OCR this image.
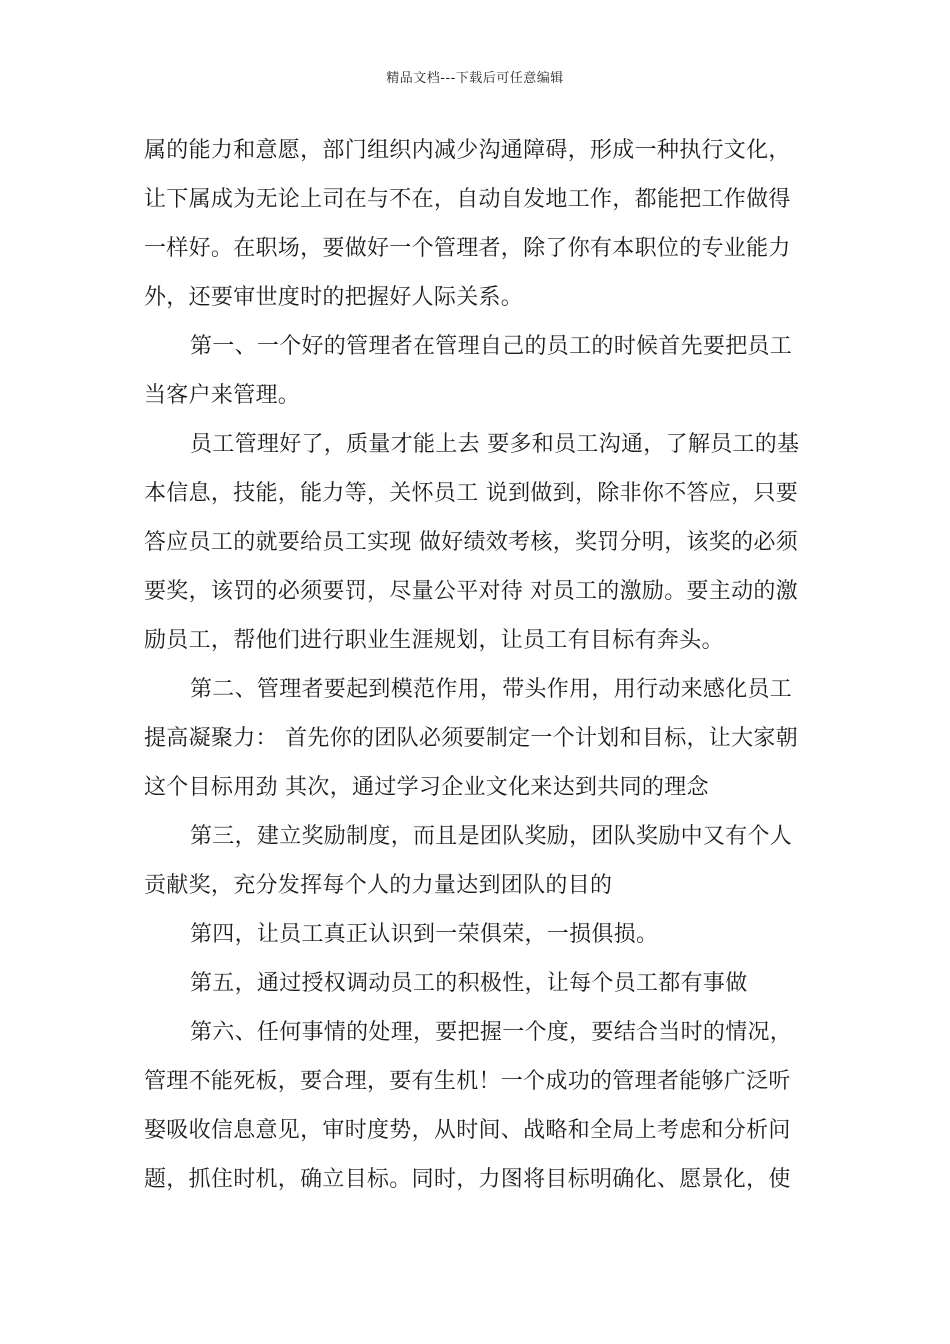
精品文档---下载后可任意编辑
属的能力和意愿，部门组织内减少沟通障碍，形成一种执行文化，
让下属成为无论上司在与不在，自动自发地工作，都能把工作做得
一样好。在职场，要做好一个管理者，除了你有本职位的专业能力
外，还要审世度时的把握好人际关系。
第一、一个好的管理者在管理自己的员工的时候首先要把员工
当客户来管理。
员工管理好了，质量才能上去 要多和员工沟通，了解员工的基
本信息，技能，能力等，关怀员工 说到做到，除非你不答应，只要
答应员工的就要给员工实现 做好绩效考核，奖罚分明，该奖的必须
要奖，该罚的必须要罚，尽量公平对待 对员工的激励。要主动的激
励员工，帮他们进行职业生涯规划，让员工有目标有奔头。
第二、管理者要起到模范作用，带头作用，用行动来感化员工
提高凝聚力： 首先你的团队必须要制定一个计划和目标，让大家朝
这个目标用劲 其次，通过学习企业文化来达到共同的理念
第三，建立奖励制度，而且是团队奖励，团队奖励中又有个人
贡献奖，充分发挥每个人的力量达到团队的目的
第四，让员工真正认识到一荣俱荣，一损俱损。
第五，通过授权调动员工的积极性，让每个员工都有事做
第六、任何事情的处理，要把握一个度，要结合当时的情况，
管理不能死板，要合理，要有生机！一个成功的管理者能够广泛听
娶吸收信息意见，审时度势，从时间、战略和全局上考虑和分析问
题，抓住时机，确立目标。同时，力图将目标明确化、愿景化，使
